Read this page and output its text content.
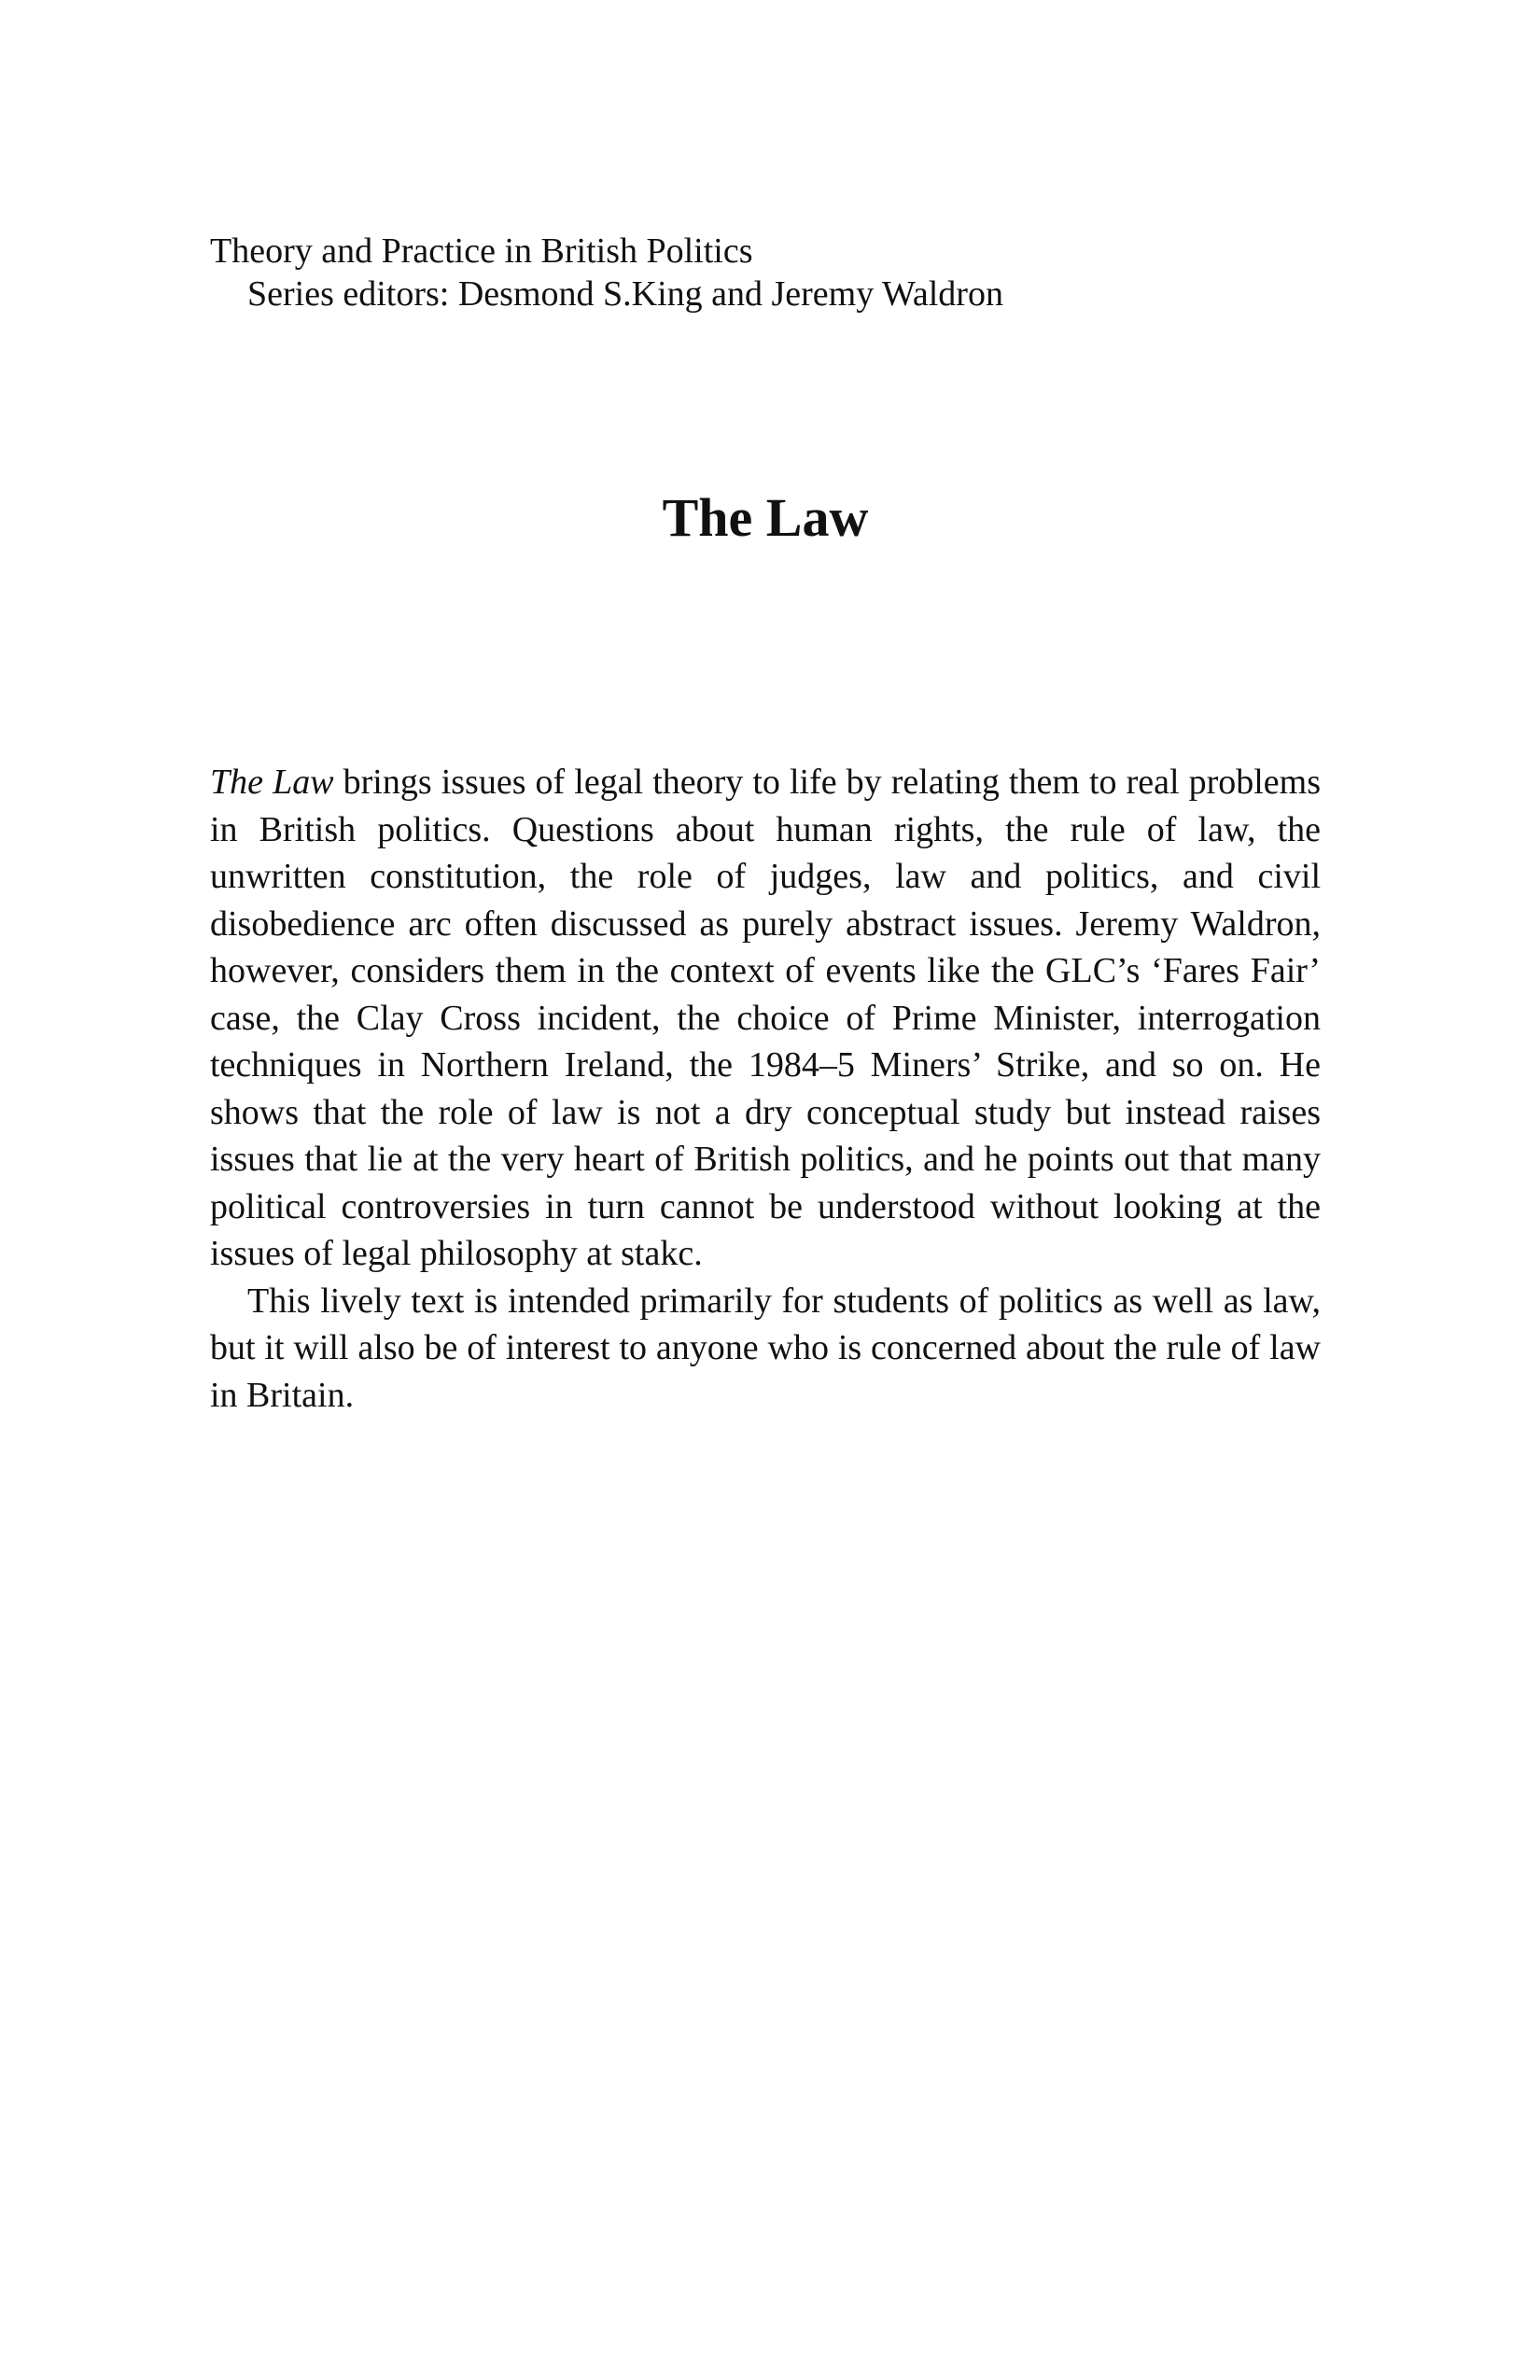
Theory and Practice in British Politics
Series editors: Desmond S.King and Jeremy Waldron
The Law

The Law brings issues of legal theory to life by relating them to real problems in British politics. Questions about human rights, the rule of law, the unwritten constitution, the role of judges, law and politics, and civil disobedience arc often discussed as purely abstract issues. Jeremy Waldron, however, considers them in the context of events like the GLC’s ‘Fares Fair’ case, the Clay Cross incident, the choice of Prime Minister, interrogation techniques in Northern Ireland, the 1984–5 Miners’ Strike, and so on. He shows that the role of law is not a dry conceptual study but instead raises issues that lie at the very heart of British politics, and he points out that many political controversies in turn cannot be understood without looking at the issues of legal philosophy at stakc.

This lively text is intended primarily for students of politics as well as law, but it will also be of interest to anyone who is concerned about the rule of law in Britain.
